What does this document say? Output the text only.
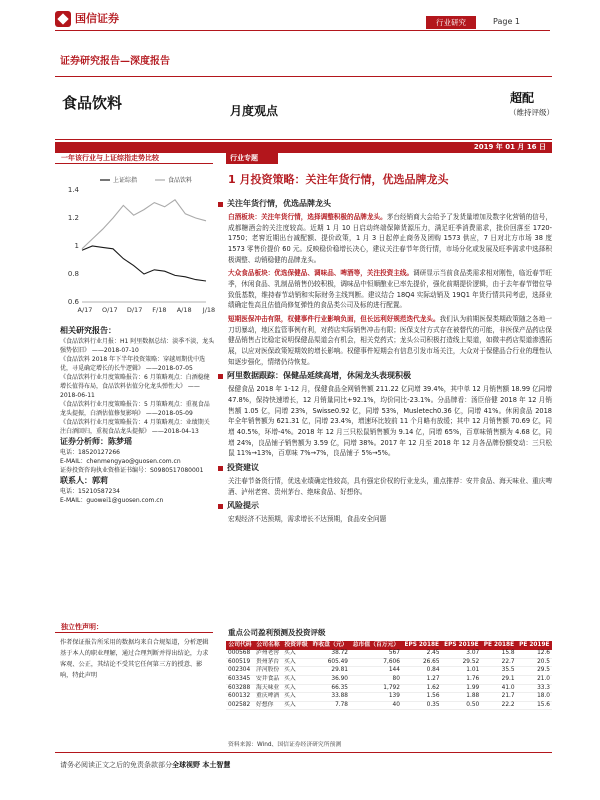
国信证券	行业研究	Page 1
证券研究报告—深度报告
食品饮料	月度观点
超配
（维持评级）
2019 年 01 月 16 日
一年该行业与上证综指走势比较
1.4
1.2
1
0.8
0.6
A/17 O/17 D/17 F/18 A/18 J/18
上证综指	食品饮料
行业专题
1 月投资策略：关注年货行情，优选品牌龙头
关注年货行情，优选品牌龙头
白酒板块：关注年货行情，选择调整积极的品牌龙头。茅台经销商大会给予了发货量增加及数字化营销的信号，成都糖酒会的关注度较高。近期 1 月 10 日启动终端保障货源压力，满足旺季消费需求，批价回落至 1720-1750；老窖近期出台减配额、提价政策，1 月 3 日起停止商务及团购 1573 供应，7 日对北方市场 38 度 1573 零售价提价 60 元。反映稳价稳增长决心，建议关注春节年货行情，市场分化或发展及旺季需求中选择积极调整、动销稳健的品牌龙头。
大众食品板块：优选保健品、调味品、啤酒等，关注投资主线。调研显示当前食品类需求相对刚性，临近春节旺季，休闲食品、乳制品销售仍较积极，调味品中恒顺酿业已率先提价，强化前期提价逻辑，由于去年春节错位导致低基数，维持春节动销和实际财务主线判断。建议结合 18Q4 实际动销及 19Q1 年货行情共同考虑，选择业绩确定性高且估值尚修复弹性的食品类公司及标的进行配置。
短期医保冲击有限，权健事件行业影响负面，但长远利好规范迭代龙头。我们认为前期医保类期政策随之各地一刀切暴动，地区监管事例有利，对药店实际销售冲击有限；医保支付方式存在被替代的可能，非医保产品药店保健品销售占比稳定说明保健品渠道会有机会，相关党药式；龙头公司积极打造线上渠道，如微丰药店渠道渗透拓展，以应对医保政策短期效的增长影响。权健事件短期会有信息引发市场关注，大众对于保健品合行业的理性认知逐步强化，情绪仍待恢复。
阿里数据跟踪：保健品延续高增，休闲龙头表现积极
保健食品 2018 年 1-12 月，保健食品全网销售额 211.22 亿同增 39.4%，其中单 12 月销售额 18.99 亿同增 47.8%，保持快速增长，12 月销量同比+92.1%，均价同比-23.1%。分品牌看：汤臣倍健 2018 年 12 月销售额 1.05 亿，同增 23%，Swisse0.92 亿，同增 53%，Musletech0.36 亿，同增 41%。休闲食品 2018 年全年销售额为 621.31 亿，同增 23.4%，增速环比较前 11 个月略有放缓；其中 12 月销售额 70.69 亿，同增 40.5%，环增-4%。2018 年 12 月三只松鼠销售额为 9.14 亿，同增 65%，百草味销售额为 4.68 亿，同增 24%，良品铺子销售额为 3.59 亿，同增 38%。2017 年 12 月至 2018 年 12 月各品牌份额变动：三只松鼠 11%→13%，百草味 7%→7%，良品铺子 5%→5%。
投资建议
关注春节备货行情，优选业绩确定性较高，具有强定价权的行业龙头，重点推荐：安井食品、海天味业、重庆啤酒、泸州老窖、贵州茅台、绝味食品、好想你。
风险提示
宏观经济不达预期，需求增长不达预期，食品安全问题
相关研究报告：
《食品饮料行业月报：H1 阿里数据总结：淡季不淡，龙头强势依旧》 ——2018-07-10
《食品饮料 2018 年下半年投资策略：穿越周期优中选优，寻觅确定增长的长牛逻辑》 ——2018-07-05
《食品饮料行业月度策略报告：6 月策略观点：白酒稳健增长值得布局，食品饮料估值分化龙头弹性大》 ——2018-06-11
《食品饮料行业月度策略报告：5 月策略观点：重视食品龙头提振，白酒估值修复影响》 ——2018-05-09
《食品饮料行业月度策略报告：4 月策略观点：业绩期关注白酒回归，重视食品龙头提振》 ——2018-04-13
证券分析师：陈梦瑶
电话：18520127266
E-MAIL：chenmengyao@guosen.com.cn
证券投资咨询执业资格证书编号：S0980517080001
联系人：郭莉
电话：15210587234
E-MAIL：guowei1@guosen.com.cn
独立性声明：
作者保证报告所采用的数据均来自合规渠道，分析逻辑基于本人的职业理解，通过合理判断并得出结论，力求客观、公正，其结论不受其它任何第三方的授意、影响，特此声明
重点公司盈利预测及投资评级
公司代码	公司名称	投资评级	昨收盘（元）	总市值（百万元）	EPS 2018E	EPS 2019E	PE 2018E	PE 2019E
000568	泸州老窖	买入	38.72	567	2.45	3.07	15.8	12.6
600519	贵州茅台	买入	605.49	7,606	26.65	29.52	22.7	20.5
002304	洋河股份	买入	29.81	144	0.84	1.01	35.5	29.5
603345	安井食品	买入	36.90	80	1.27	1.76	29.1	21.0
603288	海天味业	买入	66.35	1,792	1.62	1.99	41.0	33.3
600132	重庆啤酒	买入	33.88	139	1.56	1.88	21.7	18.0
002582	好想你	买入	7.78	40	0.35	0.50	22.2	15.6
资料来源：Wind、国信证券经济研究所预测
请务必阅读正文之后的免责条款部分全球视野 本土智慧
